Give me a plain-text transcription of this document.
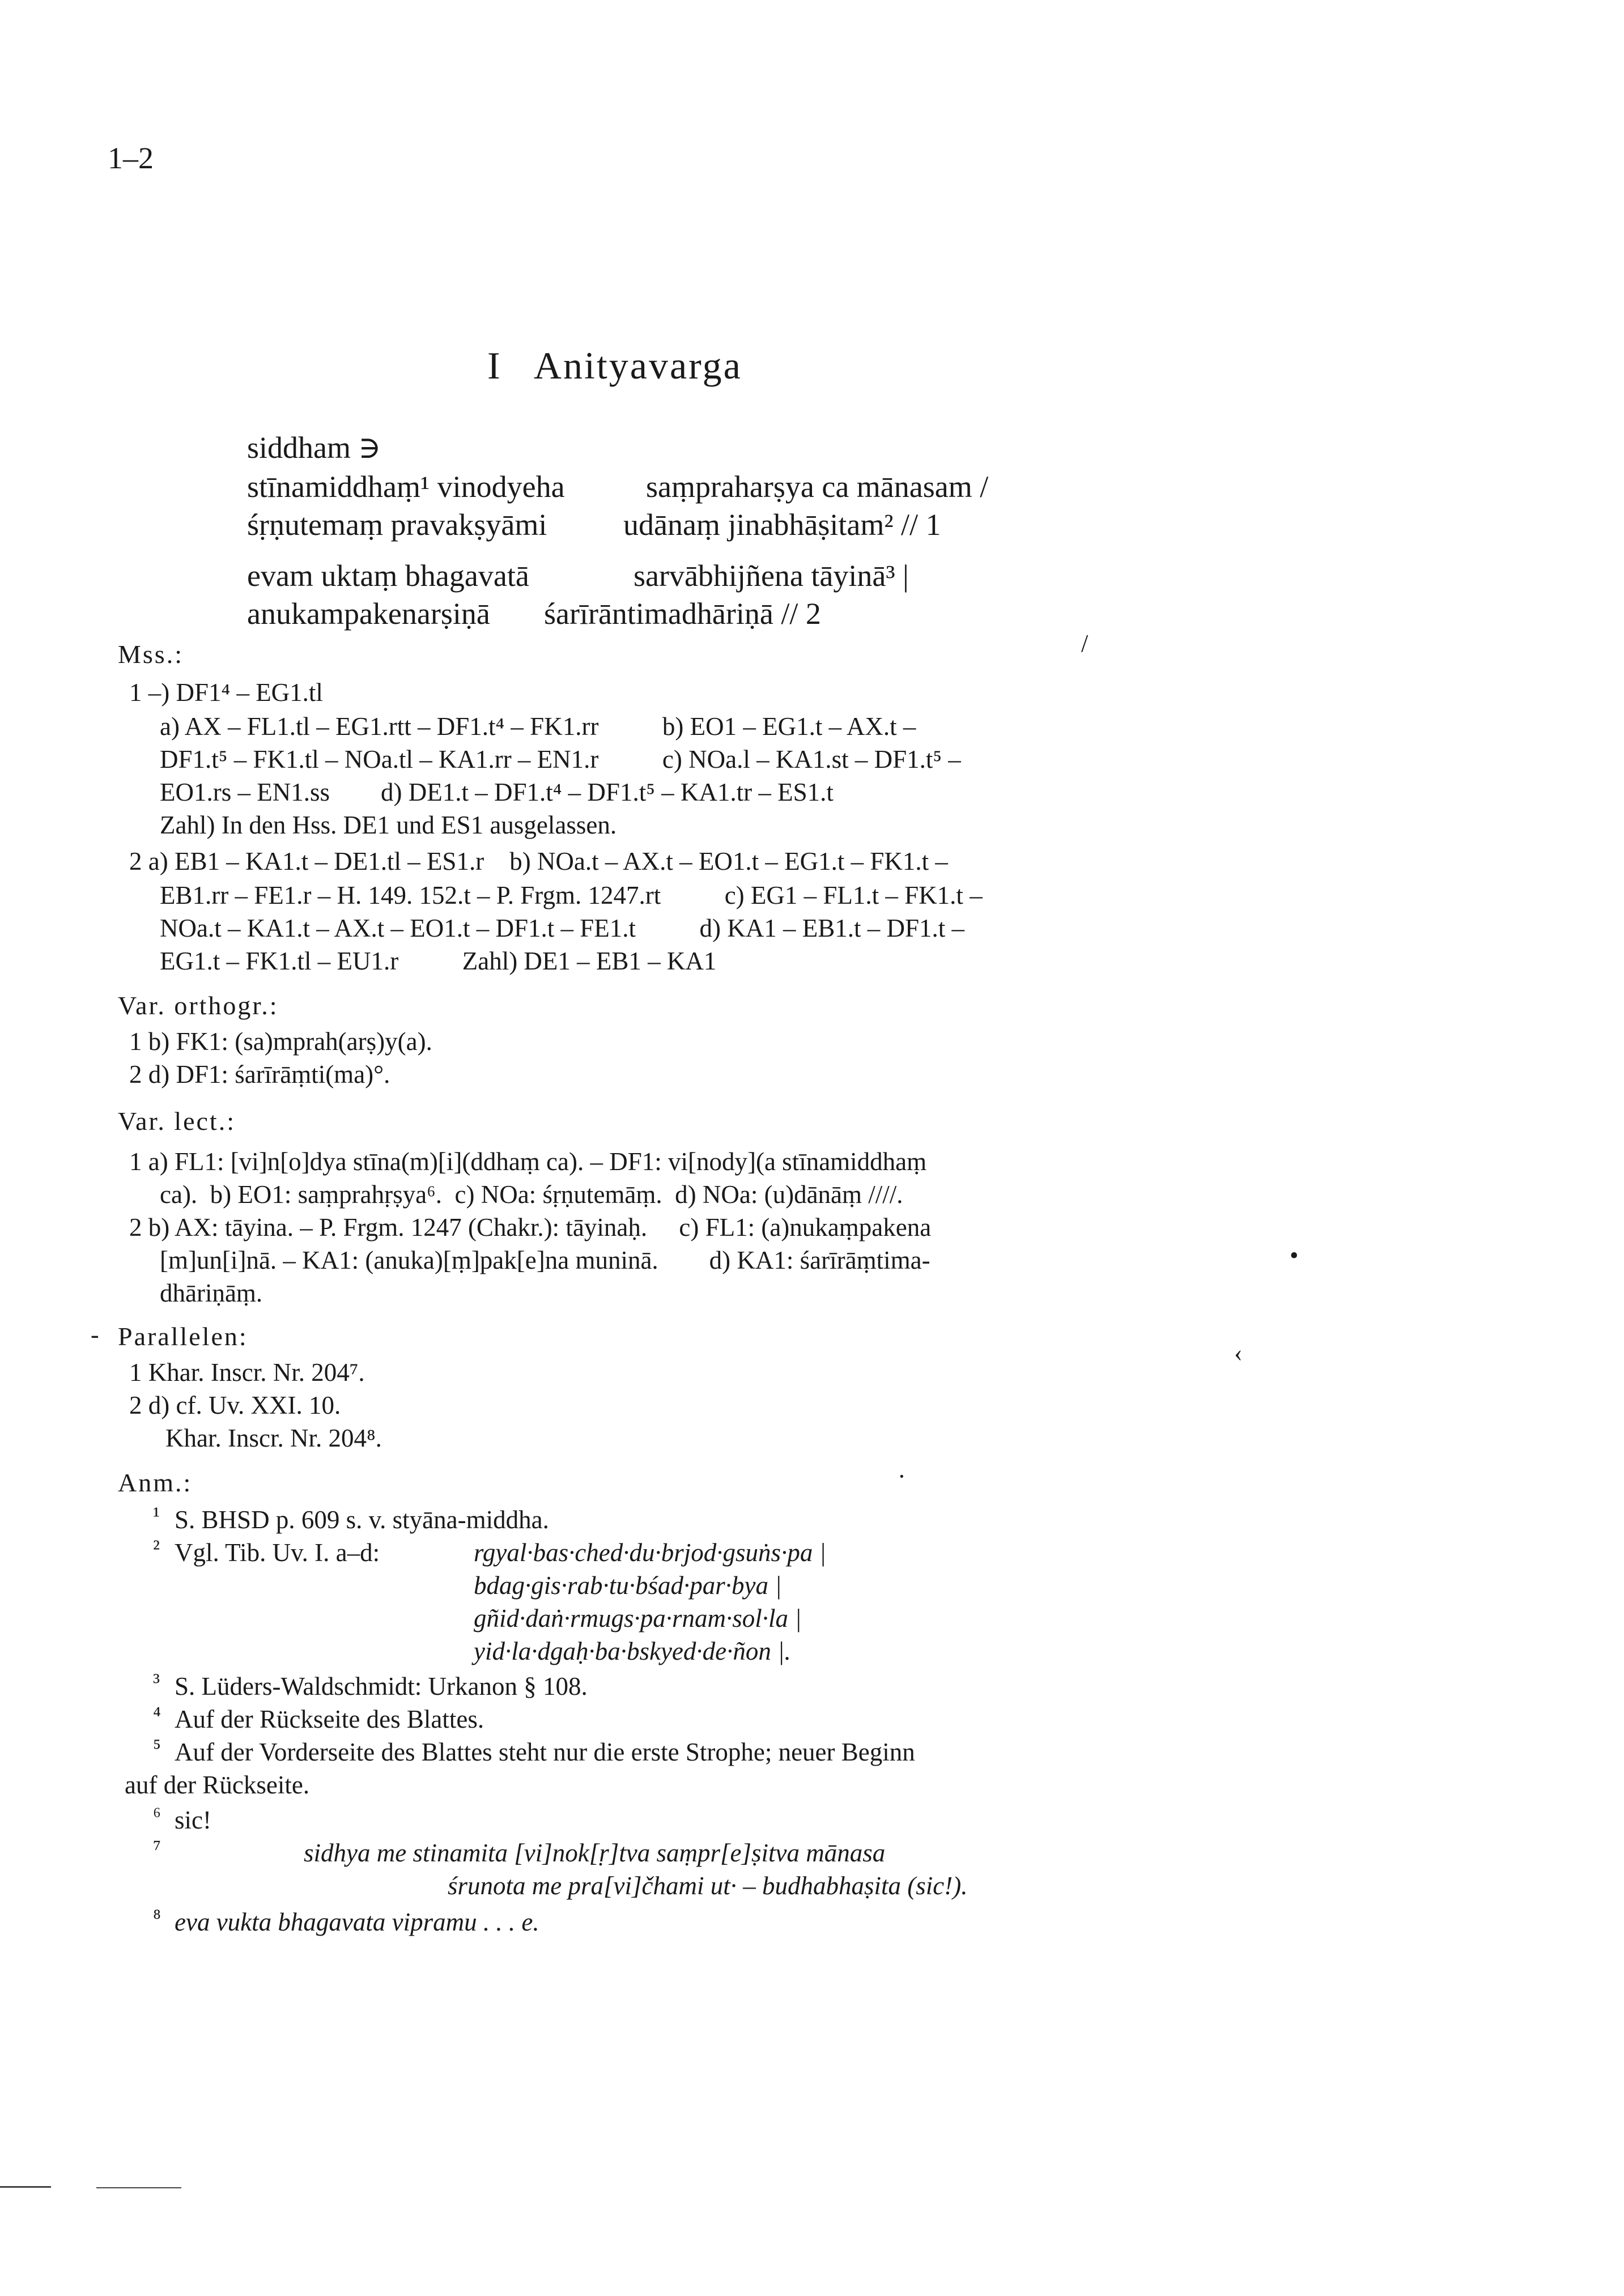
1–2
I   Anityavarga
siddham ∋
stīnamiddhaṃ¹ vinodyeha	saṃpraharṣya ca mānasam /
śṛṇutemaṃ pravakṣyāmi udānaṃ jinabhāṣitam² // 1
evam uktaṃ bhagavatā	sarvābhijñena tāyinā³ |
anukampakenarṣiṇā śarīrāntimadhāriṇā // 2
Mss.:
1 –) DF1⁴ – EG1.tl
a) AX – FL1.tl – EG1.rtt – DF1.t⁴ – FK1.rr          b) EO1 – EG1.t – AX.t –
DF1.t⁵ – FK1.tl – NOa.tl – KA1.rr – EN1.r          c) NOa.l – KA1.st – DF1.t⁵ –
EO1.rs – EN1.ss        d) DE1.t – DF1.t⁴ – DF1.t⁵ – KA1.tr – ES1.t
Zahl) In den Hss. DE1 und ES1 ausgelassen.
2 a) EB1 – KA1.t – DE1.tl – ES1.r    b) NOa.t – AX.t – EO1.t – EG1.t – FK1.t –
EB1.rr – FE1.r – H. 149. 152.t – P. Frgm. 1247.rt          c) EG1 – FL1.t – FK1.t –
NOa.t – KA1.t – AX.t – EO1.t – DF1.t – FE1.t          d) KA1 – EB1.t – DF1.t –
EG1.t – FK1.tl – EU1.r          Zahl) DE1 – EB1 – KA1
Var. orthogr.:
1 b) FK1: (sa)mprah(arṣ)y(a).
2 d) DF1: śarīrāṃti(ma)°.
Var. lect.:
1 a) FL1: [vi]n[o]dya stīna(m)[i](ddhaṃ ca). – DF1: vi[nody](a stīnamiddhaṃ
ca).  b) EO1: saṃprahṛṣya⁶.  c) NOa: śṛṇutemāṃ.  d) NOa: (u)dānāṃ ////.
2 b) AX: tāyina. – P. Frgm. 1247 (Chakr.): tāyinaḥ.     c) FL1: (a)nukaṃpakena
[m]un[i]nā. – KA1: (anuka)[ṃ]pak[e]na muninā.        d) KA1: śarīrāṃtima-
dhāriṇāṃ.
Parallelen:
1 Khar. Inscr. Nr. 204⁷.
2 d) cf. Uv. XXI. 10.
Khar. Inscr. Nr. 204⁸.
Anm.:
¹ S. BHSD p. 609 s. v. styāna-middha.
² Vgl. Tib. Uv. I. a–d:	rgyal·bas·ched·du·brjod·gsuṅs·pa |
bdag·gis·rab·tu·bśad·par·bya |
gñid·daṅ·rmugs·pa·rnam·sol·la |
yid·la·dgaḥ·ba·bskyed·de·ñon |.
³ S. Lüders-Waldschmidt: Urkanon § 108.
⁴ Auf der Rückseite des Blattes.
⁵ Auf der Vorderseite des Blattes steht nur die erste Strophe; neuer Beginn
auf der Rückseite.
⁶ sic!
⁷	sidhya me stinamita [vi]nok[ṛ]tva saṃpr[e]ṣitva mānasa
śrunota me pra[vi]čhami ut· – budhabhaṣita (sic!).
⁸ eva vukta bhagavata vipramu . . . e.
/
•
‹
·
-
